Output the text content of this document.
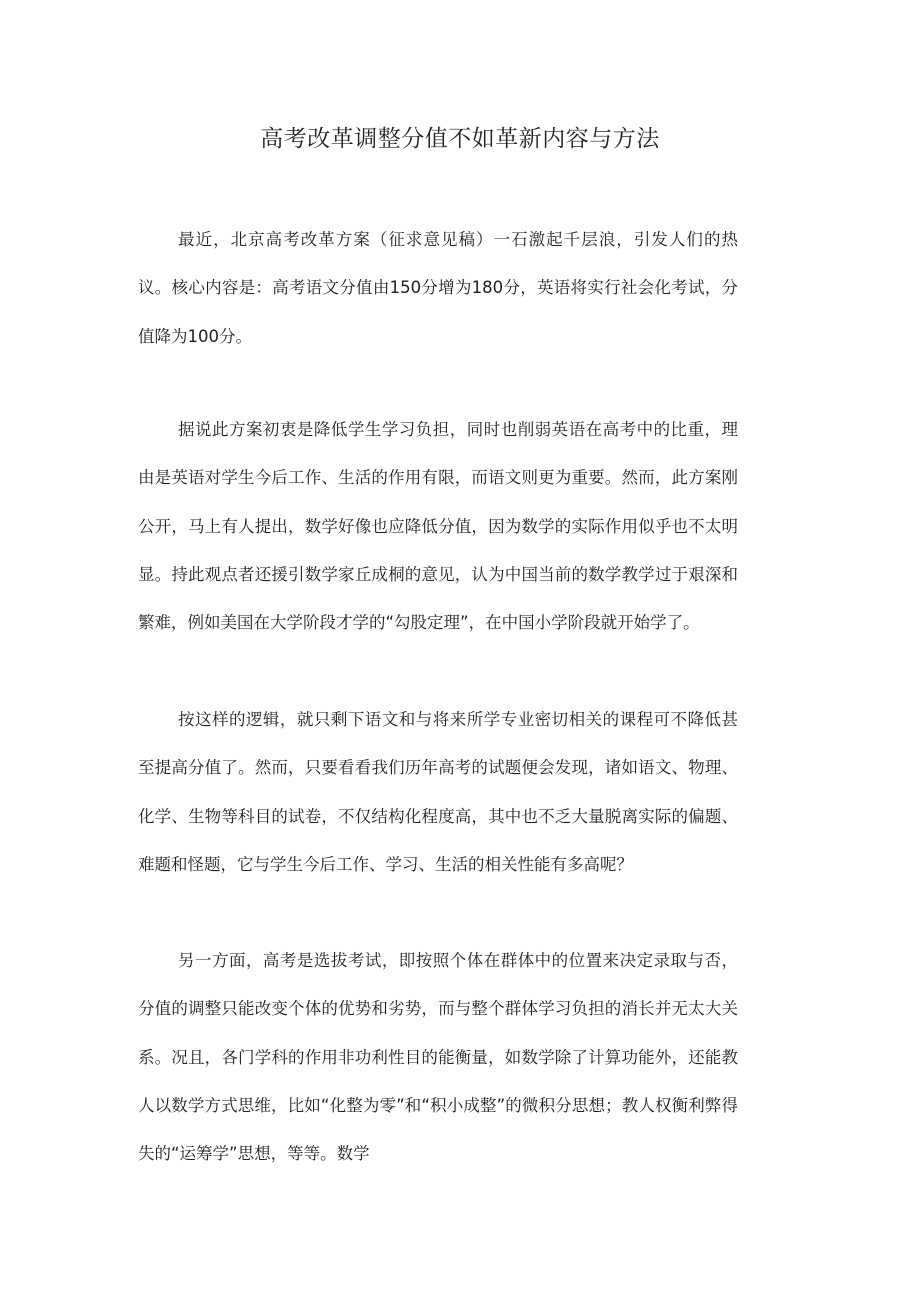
高考改革调整分值不如革新内容与方法

最近，北京高考改革方案（征求意见稿）一石激起千层浪，引发人们的热议。核心内容是：高考语文分值由150分增为180分，英语将实行社会化考试，分值降为100分。

据说此方案初衷是降低学生学习负担，同时也削弱英语在高考中的比重，理由是英语对学生今后工作、生活的作用有限，而语文则更为重要。然而，此方案刚公开，马上有人提出，数学好像也应降低分值，因为数学的实际作用似乎也不太明显。持此观点者还援引数学家丘成桐的意见，认为中国当前的数学教学过于艰深和繁难，例如美国在大学阶段才学的“勾股定理”，在中国小学阶段就开始学了。

按这样的逻辑，就只剩下语文和与将来所学专业密切相关的课程可不降低甚至提高分值了。然而，只要看看我们历年高考的试题便会发现，诸如语文、物理、化学、生物等科目的试卷，不仅结构化程度高，其中也不乏大量脱离实际的偏题、难题和怪题，它与学生今后工作、学习、生活的相关性能有多高呢？

另一方面，高考是选拔考试，即按照个体在群体中的位置来决定录取与否，分值的调整只能改变个体的优势和劣势，而与整个群体学习负担的消长并无太大关系。况且，各门学科的作用非功利性目的能衡量，如数学除了计算功能外，还能教人以数学方式思维，比如“化整为零”和“积小成整”的微积分思想；教人权衡利弊得失的“运筹学”思想，等等。数学
